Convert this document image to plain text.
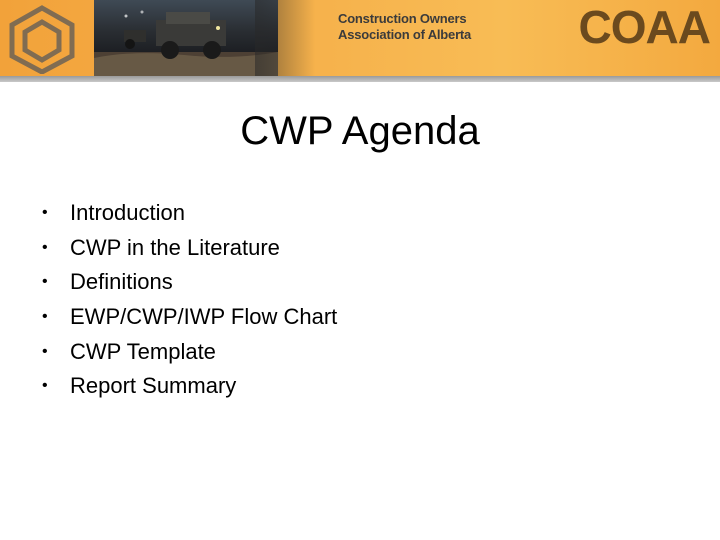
Construction Owners
Association of Alberta COAA
CWP Agenda
•	Introduction
•	CWP in the Literature
•	Definitions
•	EWP/CWP/IWP Flow Chart
•	CWP Template
•	Report Summary
